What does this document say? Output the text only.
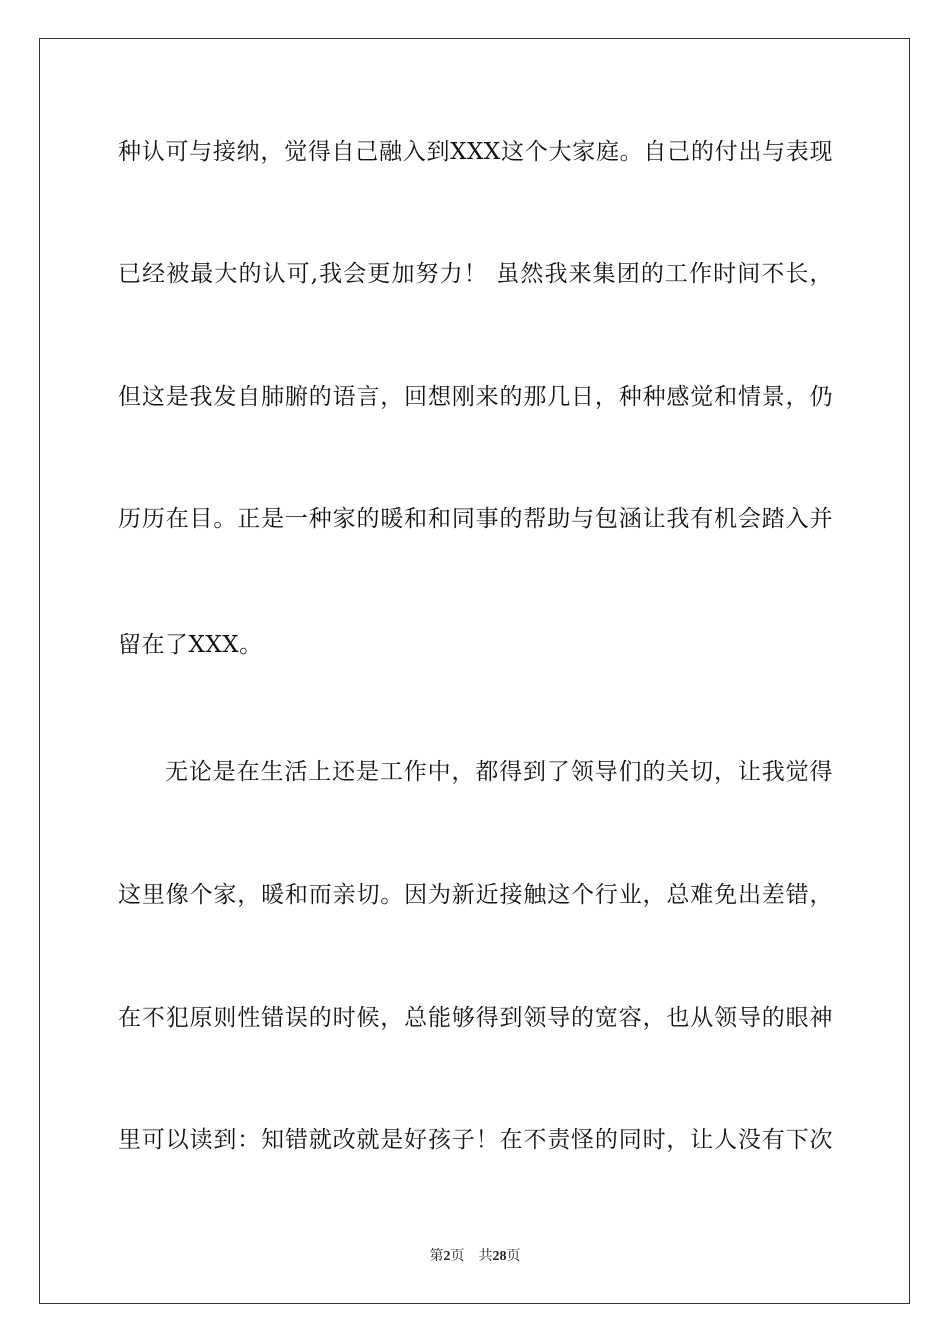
种认可与接纳，觉得自己融入到XXX这个大家庭。自己的付出与表现
已经被最大的认可,我会更加努力！ 虽然我来集团的工作时间不长，
但这是我发自肺腑的语言，回想刚来的那几日，种种感觉和情景，仍
历历在目。正是一种家的暖和和同事的帮助与包涵让我有机会踏入并
留在了XXX。
无论是在生活上还是工作中，都得到了领导们的关切，让我觉得
这里像个家，暖和而亲切。因为新近接触这个行业，总难免出差错，
在不犯原则性错误的时候，总能够得到领导的宽容，也从领导的眼神
里可以读到：知错就改就是好孩子！在不责怪的同时，让人没有下次
第2页 共28页
